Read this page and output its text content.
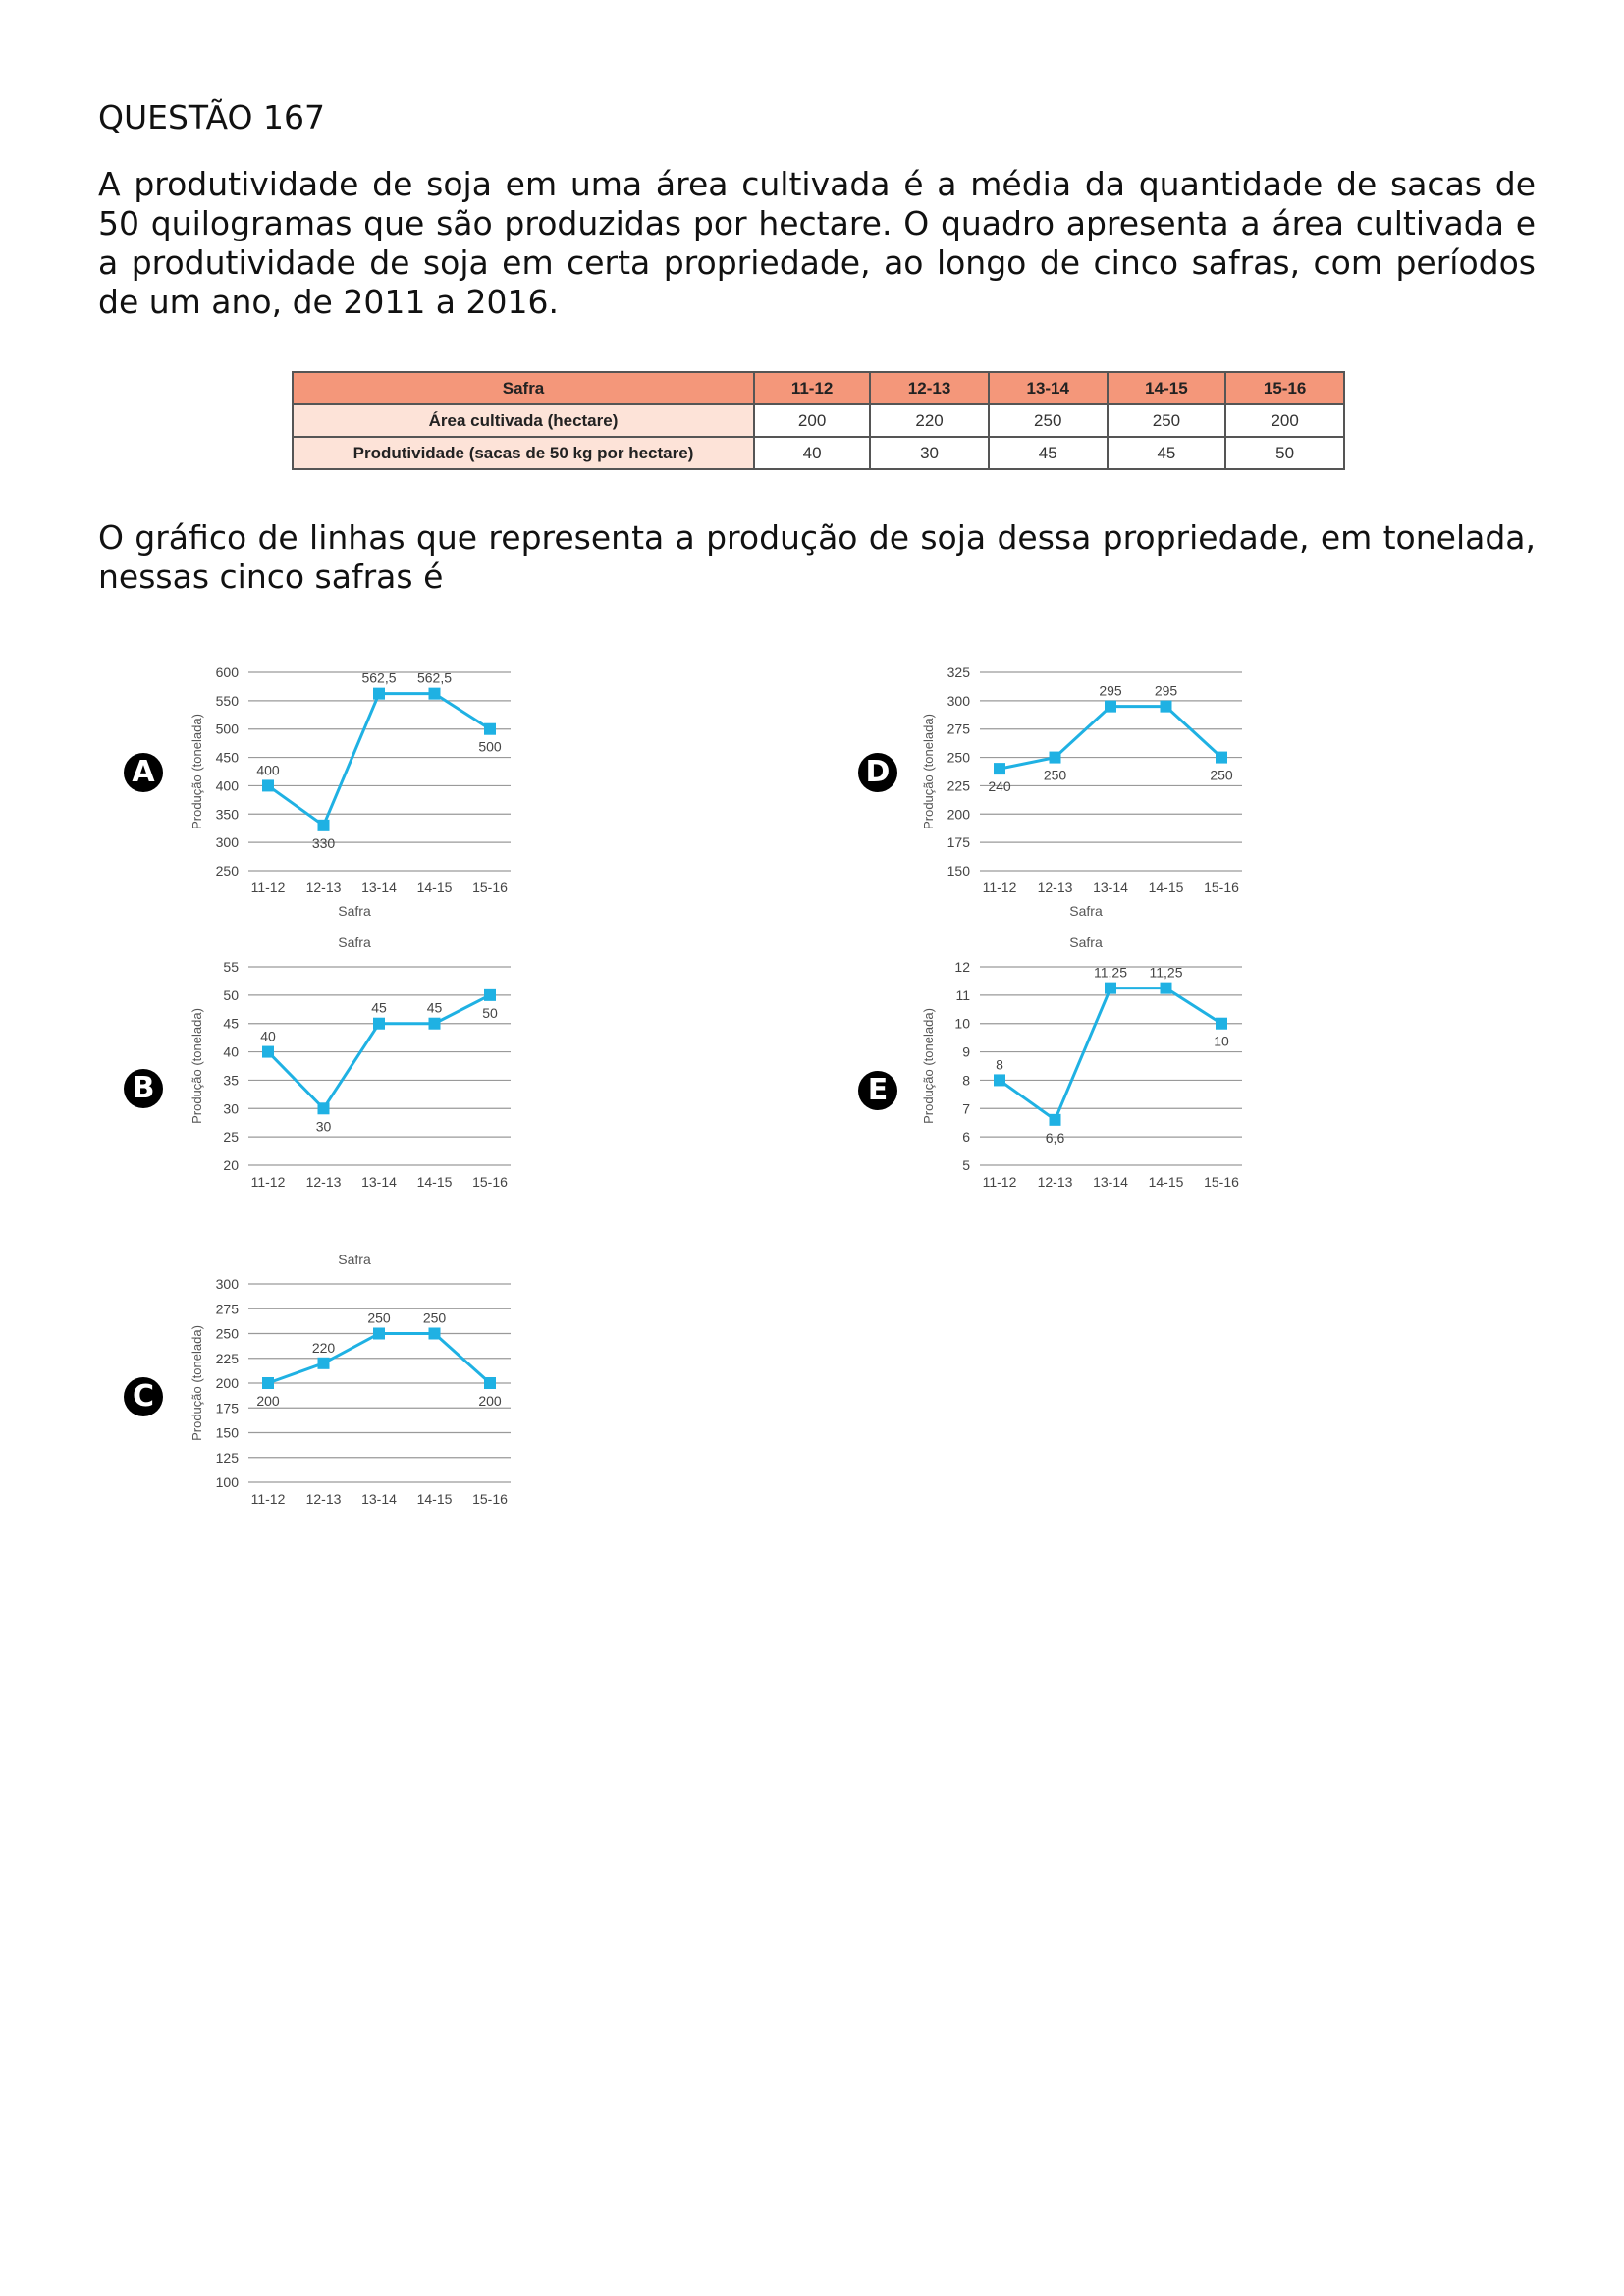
QUESTÃO 167

A produtividade de soja em uma área cultivada é a média da quantidade de sacas de 50 quilogramas que são produzidas por hectare. O quadro apresenta a área cultivada e a produtividade de soja em certa propriedade, ao longo de cinco safras, com períodos de um ano, de 2011 a 2016.

Safra	11-12	12-13	13-14	14-15	15-16
Área cultivada (hectare)	200	220	250	250	200
Produtividade (sacas de 50 kg por hectare)	40	30	45	45	50

O gráfico de linhas que representa a produção de soja dessa propriedade, em tonelada, nessas cinco safras é

A
250
300
350
400
450
500
550
600
11-12 12-13 13-14 14-15 15-16
Produção (tonelada)
Safra
400
330
562,5 562,5
500
D
150
175
200
225
250
275
300
325
11-12 12-13 13-14 14-15 15-16
Produção (tonelada)
Safra
240
250
295 295
250
B
Safra
20
25
30
35
40
45
50
55
11-12 12-13 13-14 14-15 15-16
Produção (tonelada)	40
30
45	45	50
E
Safra
5
6
7
8
9
10
11
12
11-12 12-13 13-14 14-15 15-16
Produção (tonelada)	8
6,6
11,25 11,25
10
C
Safra
100
125
150
175
200
225
250
275
300
11-12 12-13 13-14 14-15 15-16
Produção (tonelada)	200
220
250 250
200
